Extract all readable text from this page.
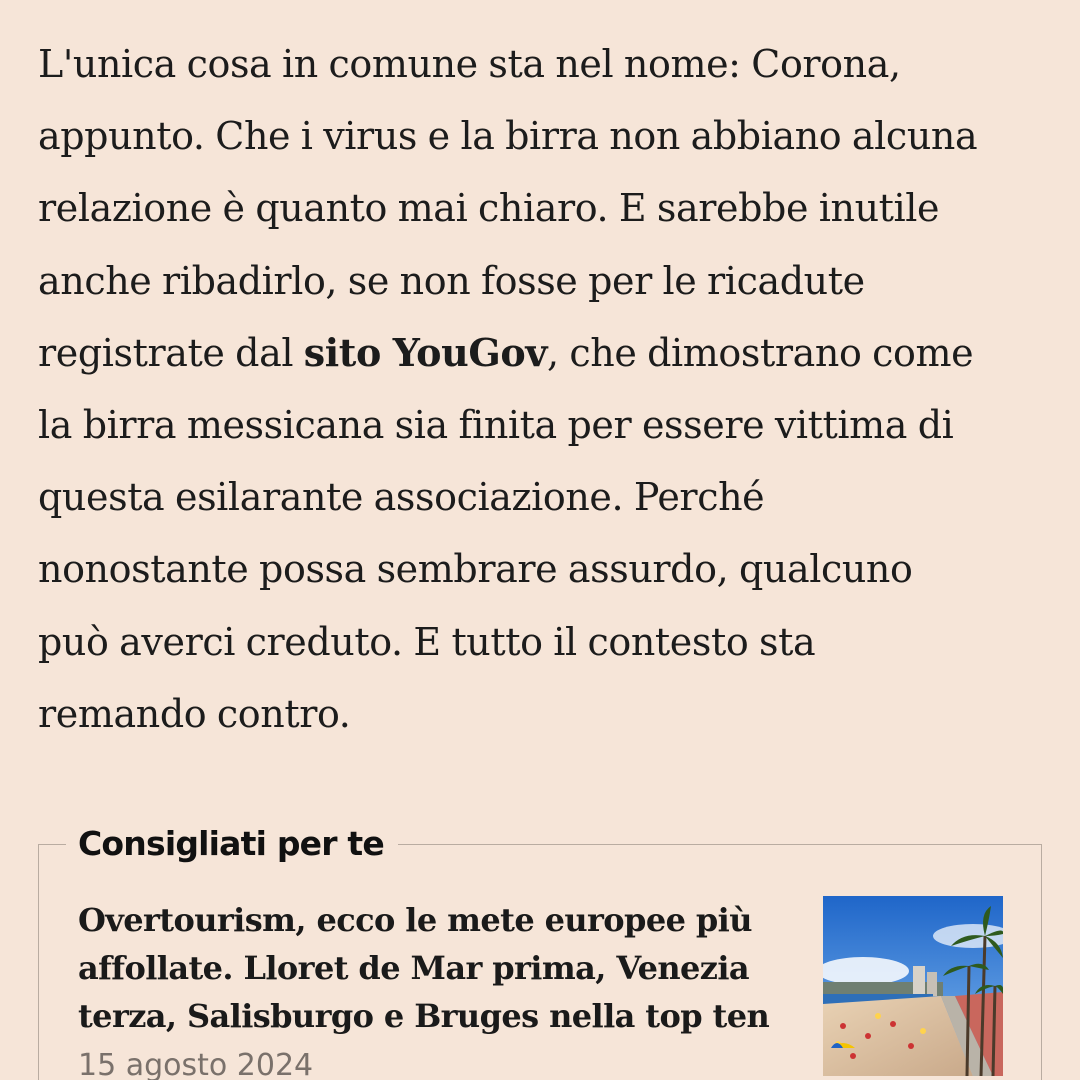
L'unica cosa in comune sta nel nome: Corona,
appunto. Che i virus e la birra non abbiano alcuna
relazione è quanto mai chiaro. E sarebbe inutile
anche ribadirlo, se non fosse per le ricadute
registrate dal sito YouGov, che dimostrano come
la birra messicana sia finita per essere vittima di
questa esilarante associazione. Perché
nonostante possa sembrare assurdo, qualcuno
può averci creduto. E tutto il contesto sta
remando contro.
Consigliati per te
Overtourism, ecco le mete europee più
affollate. Lloret de Mar prima, Venezia
terza, Salisburgo e Bruges nella top ten
15 agosto 2024
